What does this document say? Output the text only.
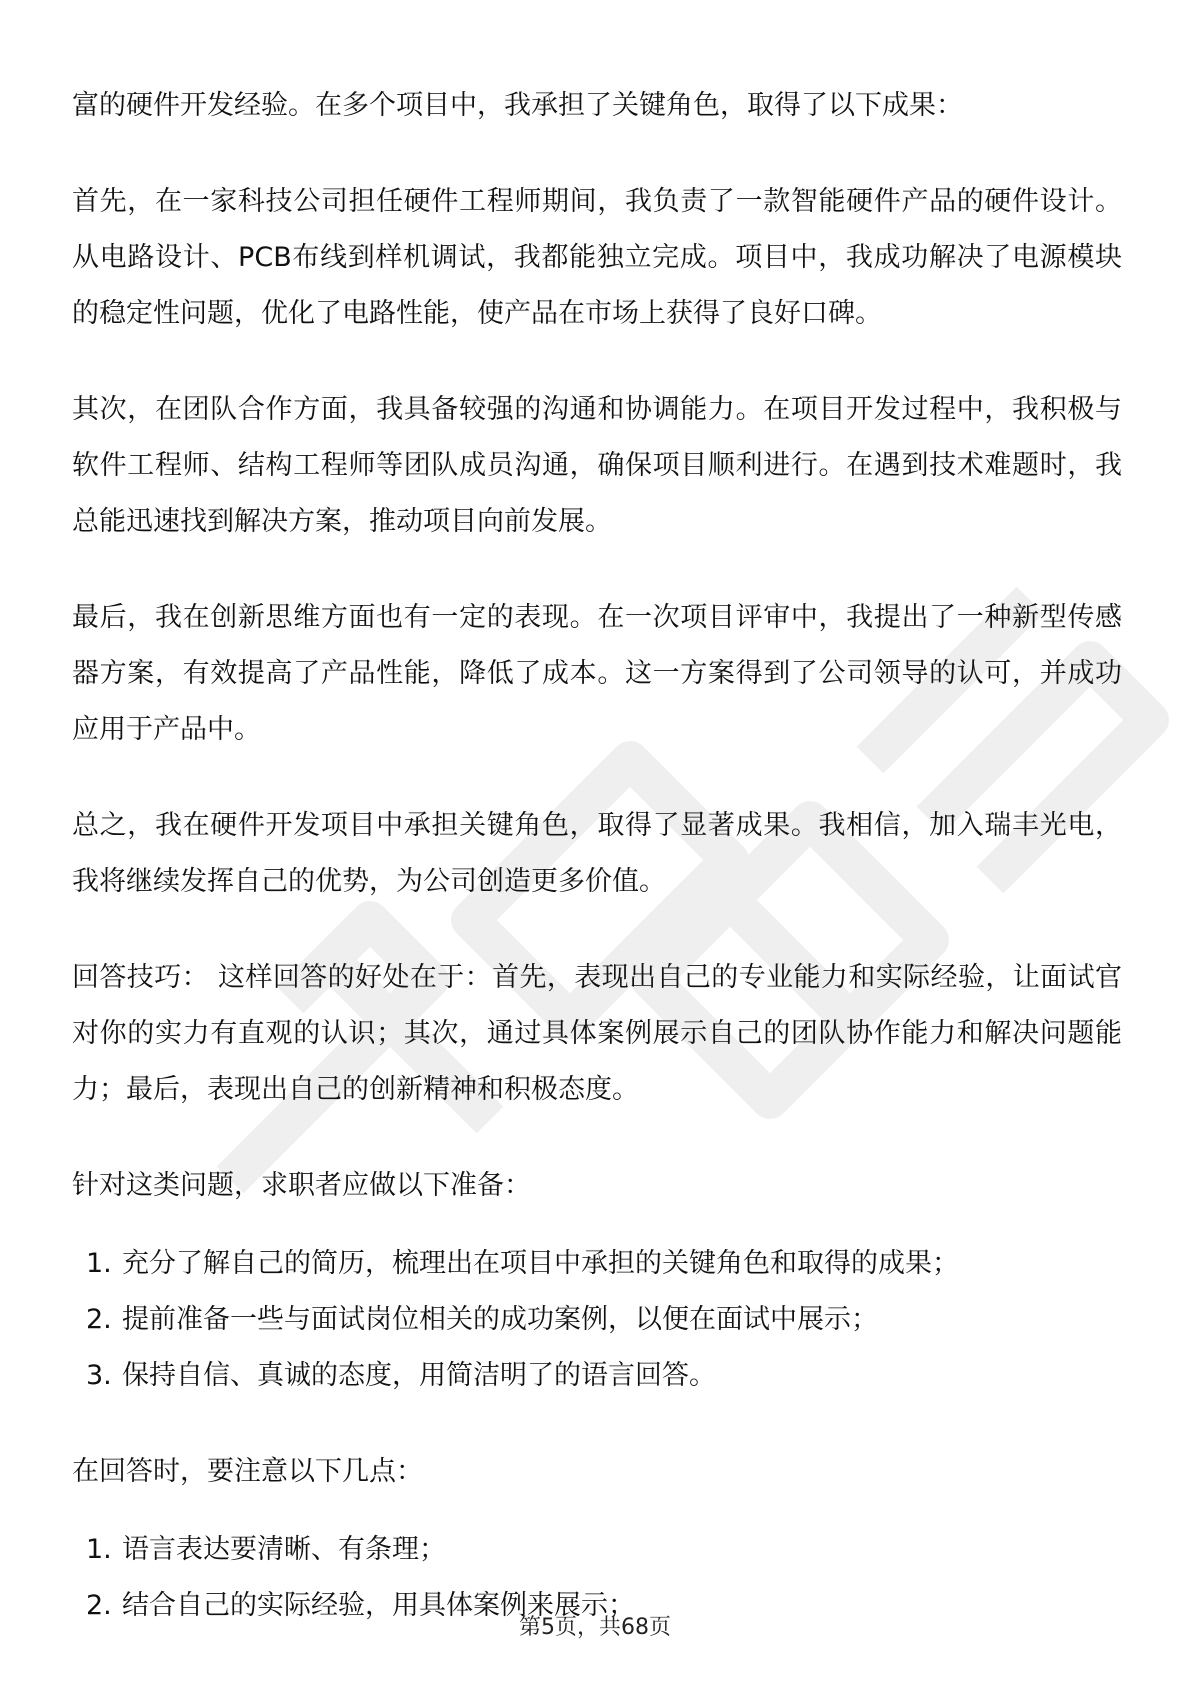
富的硬件开发经验。在多个项目中，我承担了关键角色，取得了以下成果：

首先，在一家科技公司担任硬件工程师期间，我负责了一款智能硬件产品的硬件设计。从电路设计、PCB布线到样机调试，我都能独立完成。项目中，我成功解决了电源模块的稳定性问题，优化了电路性能，使产品在市场上获得了良好口碑。

其次，在团队合作方面，我具备较强的沟通和协调能力。在项目开发过程中，我积极与软件工程师、结构工程师等团队成员沟通，确保项目顺利进行。在遇到技术难题时，我总能迅速找到解决方案，推动项目向前发展。

最后，我在创新思维方面也有一定的表现。在一次项目评审中，我提出了一种新型传感器方案，有效提高了产品性能，降低了成本。这一方案得到了公司领导的认可，并成功应用于产品中。

总之，我在硬件开发项目中承担关键角色，取得了显著成果。我相信，加入瑞丰光电，我将继续发挥自己的优势，为公司创造更多价值。

回答技巧： 这样回答的好处在于：首先，表现出自己的专业能力和实际经验，让面试官对你的实力有直观的认识；其次，通过具体案例展示自己的团队协作能力和解决问题能力；最后，表现出自己的创新精神和积极态度。

针对这类问题，求职者应做以下准备：

1. 充分了解自己的简历，梳理出在项目中承担的关键角色和取得的成果；
2. 提前准备一些与面试岗位相关的成功案例，以便在面试中展示；
3. 保持自信、真诚的态度，用简洁明了的语言回答。

在回答时，要注意以下几点：

1. 语言表达要清晰、有条理；
2. 结合自己的实际经验，用具体案例来展示；
第5页，共68页
